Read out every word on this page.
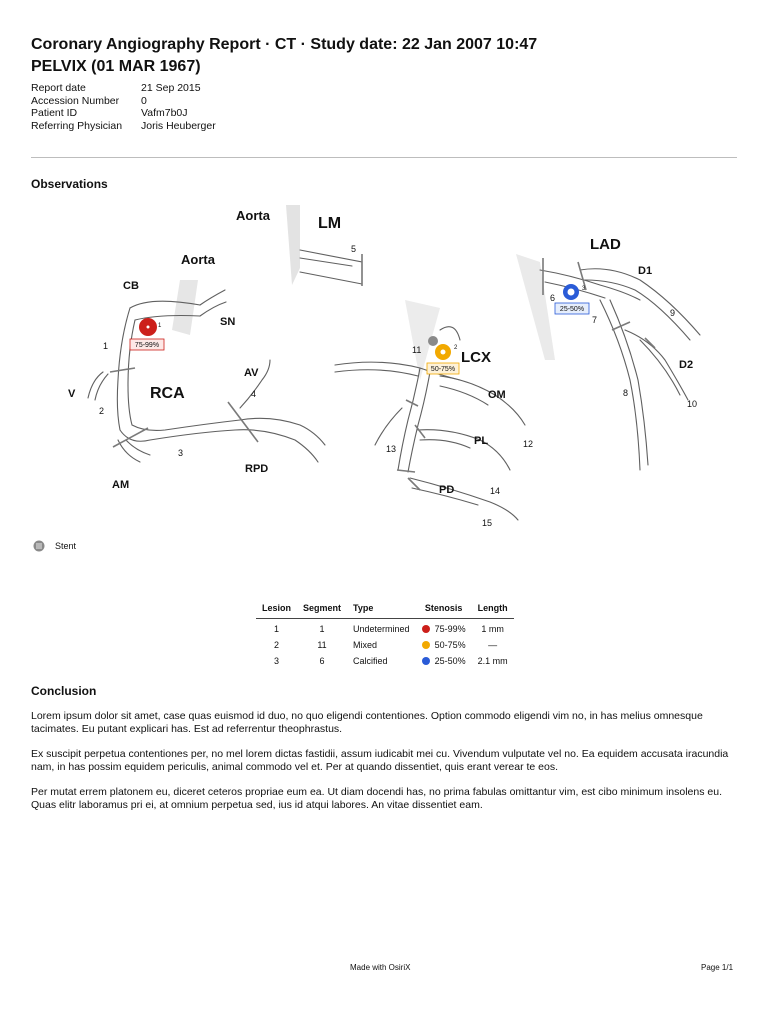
Coronary Angiography Report · CT · Study date: 22 Jan 2007 10:47
PELVIX (01 MAR 1967)
Report date	21 Sep 2015
Accession Number	0
Patient ID	Vafm7b0J
Referring Physician	Joris Heuberger
Observations
Aorta	LM
5
1
75-99%
Aorta
CB
SN
V	RCA
AV
AM
RPD
1
2
3
4
2
50-75%
LCX
OM
PL
PD
11
12
13
14
15
3
25-50%
LAD
D1
D2
6
7
8
9
10
Stent
Lesion	Segment	Type	Stenosis	Length
1	1	Undetermined	75-99%	1 mm
2	11	Mixed	50-75%	—
3	6	Calcified	25-50%	2.1 mm
Conclusion
Lorem ipsum dolor sit amet, case quas euismod id duo, no quo eligendi contentiones. Option commodo eligendi vim no, in has melius omnesque tacimates. Eu putant explicari has. Est ad referrentur theophrastus.
Ex suscipit perpetua contentiones per, no mel lorem dictas fastidii, assum iudicabit mei cu. Vivendum vulputate vel no. Ea equidem accusata iracundia nam, in has possim equidem periculis, animal commodo vel et. Per at quando dissentiet, quis erant verear te eos.
Per mutat errem platonem eu, diceret ceteros propriae eum ea. Ut diam docendi has, no prima fabulas omittantur vim, est cibo minimum insolens eu. Quas elitr laboramus pri ei, at omnium perpetua sed, ius id atqui labores. An vitae dissentiet eam.
Made with OsiriX	Page 1/1
